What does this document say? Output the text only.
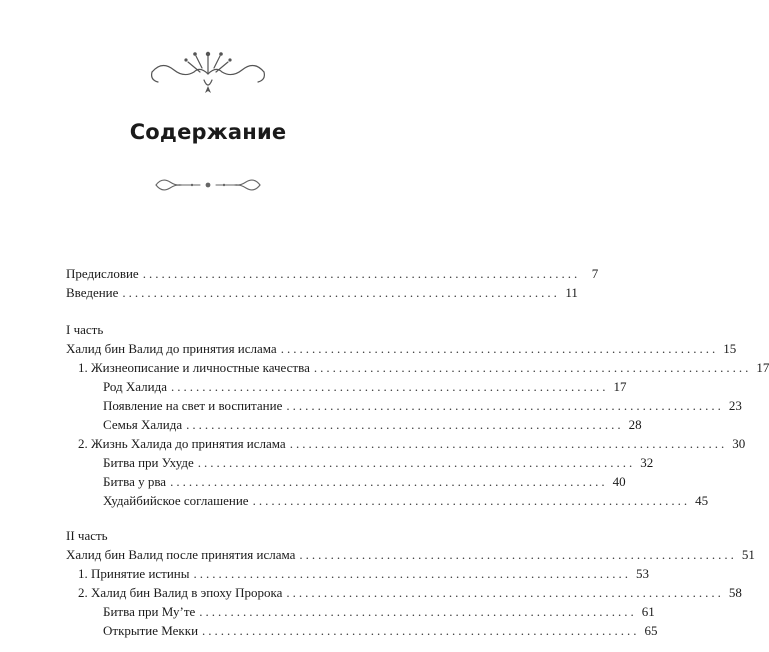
Содержание
Предисловие ...................................................................... 7
Введение ...................................................................... 11
I часть
Халид бин Валид до принятия ислама ...................................................................... 15
1. Жизнеописание и личностные качества ...................................................................... 17
Род Халида ...................................................................... 17
Появление на свет и воспитание ...................................................................... 23
Семья Халида ...................................................................... 28
2. Жизнь Халида до принятия ислама ...................................................................... 30
Битва при Ухуде ...................................................................... 32
Битва у рва ...................................................................... 40
Худайбийское соглашение ...................................................................... 45
II часть
Халид бин Валид после принятия ислама ...................................................................... 51
1. Принятие истины ...................................................................... 53
2. Халид бин Валид в эпоху Пророка ...................................................................... 58
Битва при Му’те ...................................................................... 61
Открытие Мекки ...................................................................... 65
